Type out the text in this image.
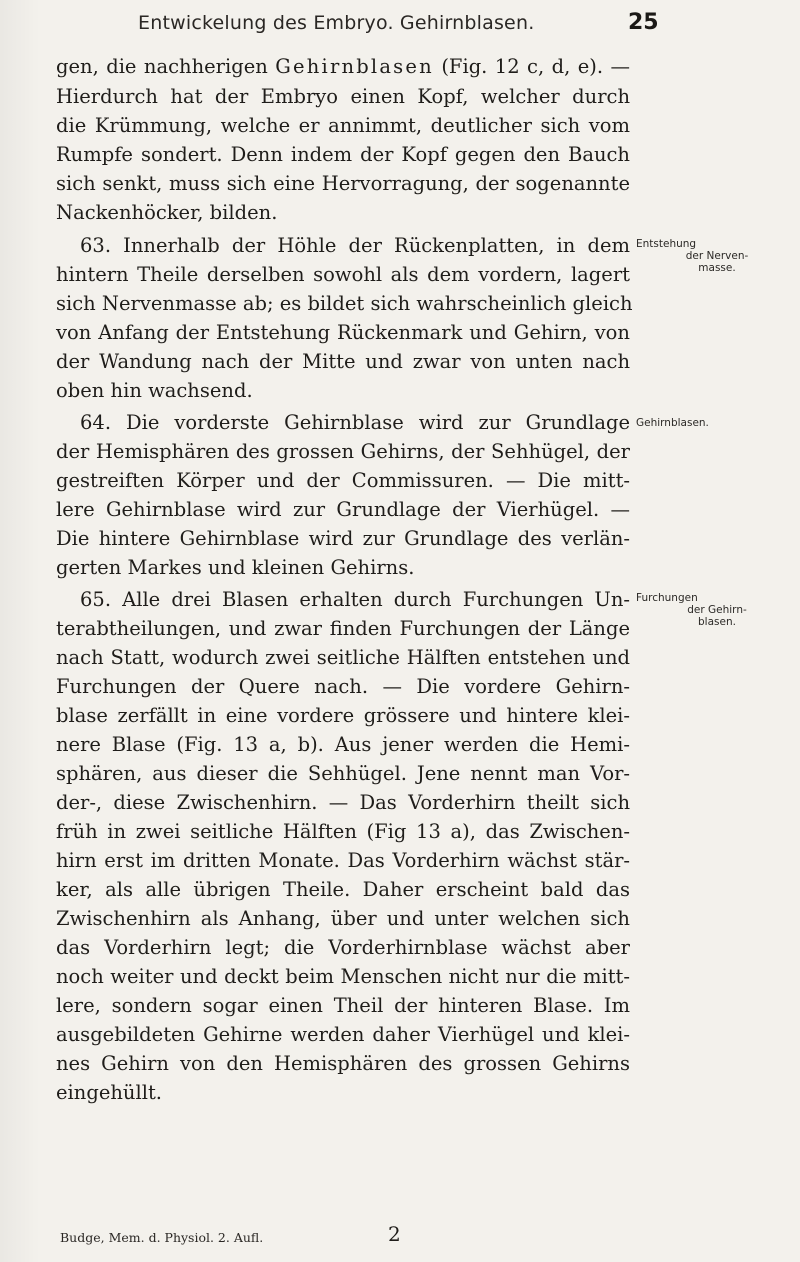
Entwickelung des Embryo. Gehirnblasen.	25
gen, die nachherigen Gehirnblasen (Fig. 12 c, d, e). —
Hierdurch hat der Embryo einen Kopf, welcher durch
die Krümmung, welche er annimmt, deutlicher sich vom
Rumpfe sondert. Denn indem der Kopf gegen den Bauch
sich senkt, muss sich eine Hervorragung, der sogenannte
Nackenhöcker, bilden.
63. Innerhalb der Höhle der Rückenplatten, in dem
hintern Theile derselben sowohl als dem vordern, lagert
sich Nervenmasse ab; es bildet sich wahrscheinlich gleich
von Anfang der Entstehung Rückenmark und Gehirn, von
der Wandung nach der Mitte und zwar von unten nach
oben hin wachsend.
64. Die vorderste Gehirnblase wird zur Grundlage
der Hemisphären des grossen Gehirns, der Sehhügel, der
gestreiften Körper und der Commissuren. — Die mitt-
lere Gehirnblase wird zur Grundlage der Vierhügel. —
Die hintere Gehirnblase wird zur Grundlage des verlän-
gerten Markes und kleinen Gehirns.
65. Alle drei Blasen erhalten durch Furchungen Un-
terabtheilungen, und zwar finden Furchungen der Länge
nach Statt, wodurch zwei seitliche Hälften entstehen und
Furchungen der Quere nach. — Die vordere Gehirn-
blase zerfällt in eine vordere grössere und hintere klei-
nere Blase (Fig. 13 a, b). Aus jener werden die Hemi-
sphären, aus dieser die Sehhügel. Jene nennt man Vor-
der-, diese Zwischenhirn. — Das Vorderhirn theilt sich
früh in zwei seitliche Hälften (Fig 13 a), das Zwischen-
hirn erst im dritten Monate. Das Vorderhirn wächst stär-
ker, als alle übrigen Theile. Daher erscheint bald das
Zwischenhirn als Anhang, über und unter welchen sich
das Vorderhirn legt; die Vorderhirnblase wächst aber
noch weiter und deckt beim Menschen nicht nur die mitt-
lere, sondern sogar einen Theil der hinteren Blase. Im
ausgebildeten Gehirne werden daher Vierhügel und klei-
nes Gehirn von den Hemisphären des grossen Gehirns
eingehüllt.
Entstehung
der Nerven-
masse.
Gehirnblasen.
Furchungen
der Gehirn-
blasen.
Budge, Mem. d. Physiol. 2. Aufl.	2
